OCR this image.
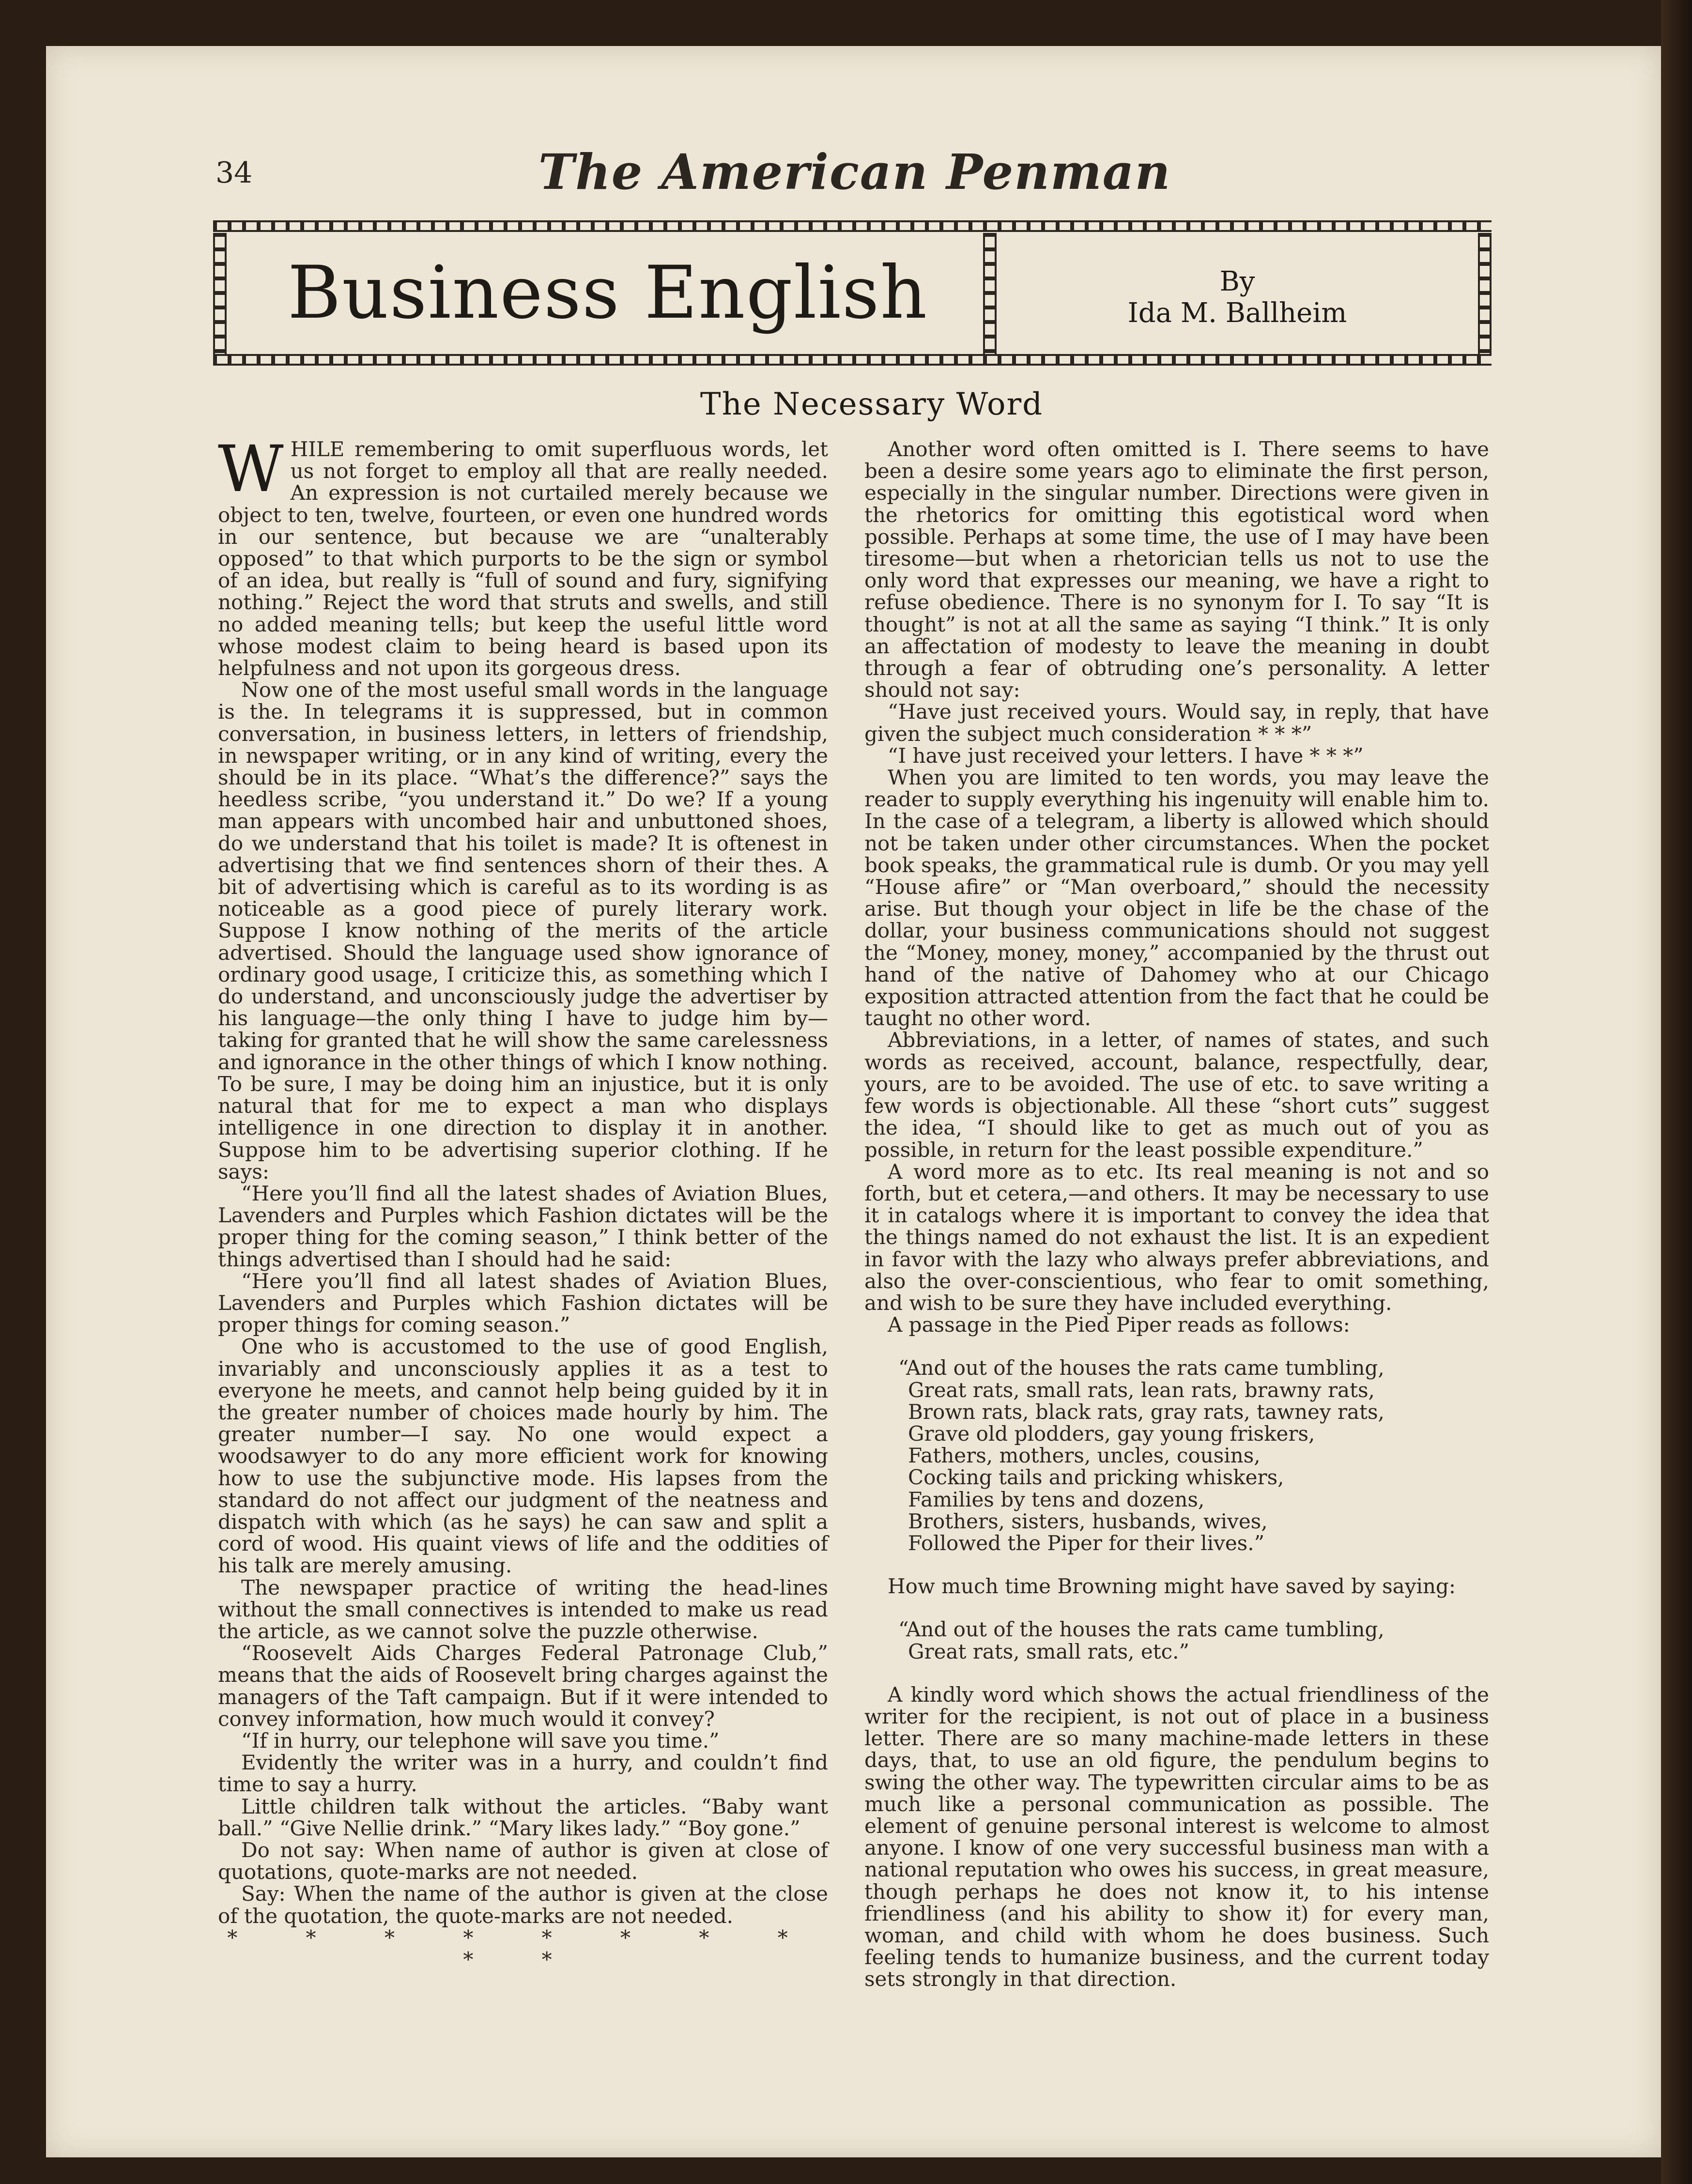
34	The American Penman
Business English	By
Ida M. Ballheim
The Necessary Word

WHILE remembering to omit superfluous words, let us not forget to employ all that are really needed. An expression is not curtailed merely because we object to ten, twelve, fourteen, or even one hundred words in our sentence, but because we are “unalterably opposed” to that which purports to be the sign or symbol of an idea, but really is “full of sound and fury, signifying nothing.” Reject the word that struts and swells, and still no added meaning tells; but keep the useful little word whose modest claim to being heard is based upon its helpfulness and not upon its gorgeous dress.

Now one of the most useful small words in the language is the. In telegrams it is suppressed, but in common conversation, in business letters, in letters of friendship, in newspaper writing, or in any kind of writing, every the should be in its place. “What’s the difference?” says the heedless scribe, “you understand it.” Do we? If a young man appears with uncombed hair and unbuttoned shoes, do we understand that his toilet is made? It is oftenest in advertising that we find sentences shorn of their thes. A bit of advertising which is careful as to its wording is as noticeable as a good piece of purely literary work. Suppose I know nothing of the merits of the article advertised. Should the language used show ignorance of ordinary good usage, I criticize this, as something which I do understand, and unconsciously judge the advertiser by his language—the only thing I have to judge him by—taking for granted that he will show the same carelessness and ignorance in the other things of which I know nothing. To be sure, I may be doing him an injustice, but it is only natural that for me to expect a man who displays intelligence in one direction to display it in another. Suppose him to be advertising superior clothing. If he says:

“Here you’ll find all the latest shades of Aviation Blues, Lavenders and Purples which Fashion dictates will be the proper thing for the coming season,” I think better of the things advertised than I should had he said:

“Here you’ll find all latest shades of Aviation Blues, Lavenders and Purples which Fashion dictates will be proper things for coming season.”

One who is accustomed to the use of good English, invariably and unconsciously applies it as a test to everyone he meets, and cannot help being guided by it in the greater number of choices made hourly by him. The greater number—I say. No one would expect a woodsawyer to do any more efficient work for knowing how to use the subjunctive mode. His lapses from the standard do not affect our judgment of the neatness and dispatch with which (as he says) he can saw and split a cord of wood. His quaint views of life and the oddities of his talk are merely amusing.

The newspaper practice of writing the head-lines without the small connectives is intended to make us read the article, as we cannot solve the puzzle otherwise.

“Roosevelt Aids Charges Federal Patronage Club,” means that the aids of Roosevelt bring charges against the managers of the Taft campaign. But if it were intended to convey information, how much would it convey?

“If in hurry, our telephone will save you time.”

Evidently the writer was in a hurry, and couldn’t find time to say a hurry.

Little children talk without the articles. “Baby want ball.” “Give Nellie drink.” “Mary likes lady.” “Boy gone.”

Do not say: When name of author is given at close of quotations, quote-marks are not needed.

Say: When the name of the author is given at the close of the quotation, the quote-marks are not needed.

* * * * * * * * * *

Another word often omitted is I. There seems to have been a desire some years ago to eliminate the first person, especially in the singular number. Directions were given in the rhetorics for omitting this egotistical word when possible. Perhaps at some time, the use of I may have been tiresome—but when a rhetorician tells us not to use the only word that expresses our meaning, we have a right to refuse obedience. There is no synonym for I. To say “It is thought” is not at all the same as saying “I think.” It is only an affectation of modesty to leave the meaning in doubt through a fear of obtruding one’s personality. A letter should not say:

“Have just received yours. Would say, in reply, that have given the subject much consideration * * *”

“I have just received your letters. I have * * *”

When you are limited to ten words, you may leave the reader to supply everything his ingenuity will enable him to. In the case of a telegram, a liberty is allowed which should not be taken under other circumstances. When the pocket book speaks, the grammatical rule is dumb. Or you may yell “House afire” or “Man overboard,” should the necessity arise. But though your object in life be the chase of the dollar, your business communications should not suggest the “Money, money, money,” accompanied by the thrust out hand of the native of Dahomey who at our Chicago exposition attracted attention from the fact that he could be taught no other word.

Abbreviations, in a letter, of names of states, and such words as received, account, balance, respectfully, dear, yours, are to be avoided. The use of etc. to save writing a few words is objectionable. All these “short cuts” suggest the idea, “I should like to get as much out of you as possible, in return for the least possible expenditure.”

A word more as to etc. Its real meaning is not and so forth, but et cetera,—and others. It may be necessary to use it in catalogs where it is important to convey the idea that the things named do not exhaust the list. It is an expedient in favor with the lazy who always prefer abbreviations, and also the over-conscientious, who fear to omit something, and wish to be sure they have included everything.

A passage in the Pied Piper reads as follows:

“And out of the houses the rats came tumbling,
Great rats, small rats, lean rats, brawny rats,
Brown rats, black rats, gray rats, tawney rats,
Grave old plodders, gay young friskers,
Fathers, mothers, uncles, cousins,
Cocking tails and pricking whiskers,
Families by tens and dozens,
Brothers, sisters, husbands, wives,
Followed the Piper for their lives.”

How much time Browning might have saved by saying:

“And out of the houses the rats came tumbling,
Great rats, small rats, etc.”

A kindly word which shows the actual friendliness of the writer for the recipient, is not out of place in a business letter. There are so many machine-made letters in these days, that, to use an old figure, the pendulum begins to swing the other way. The typewritten circular aims to be as much like a personal communication as possible. The element of genuine personal interest is welcome to almost anyone. I know of one very successful business man with a national reputation who owes his success, in great measure, though perhaps he does not know it, to his intense friendliness (and his ability to show it) for every man, woman, and child with whom he does business. Such feeling tends to humanize business, and the current today sets strongly in that direction.
